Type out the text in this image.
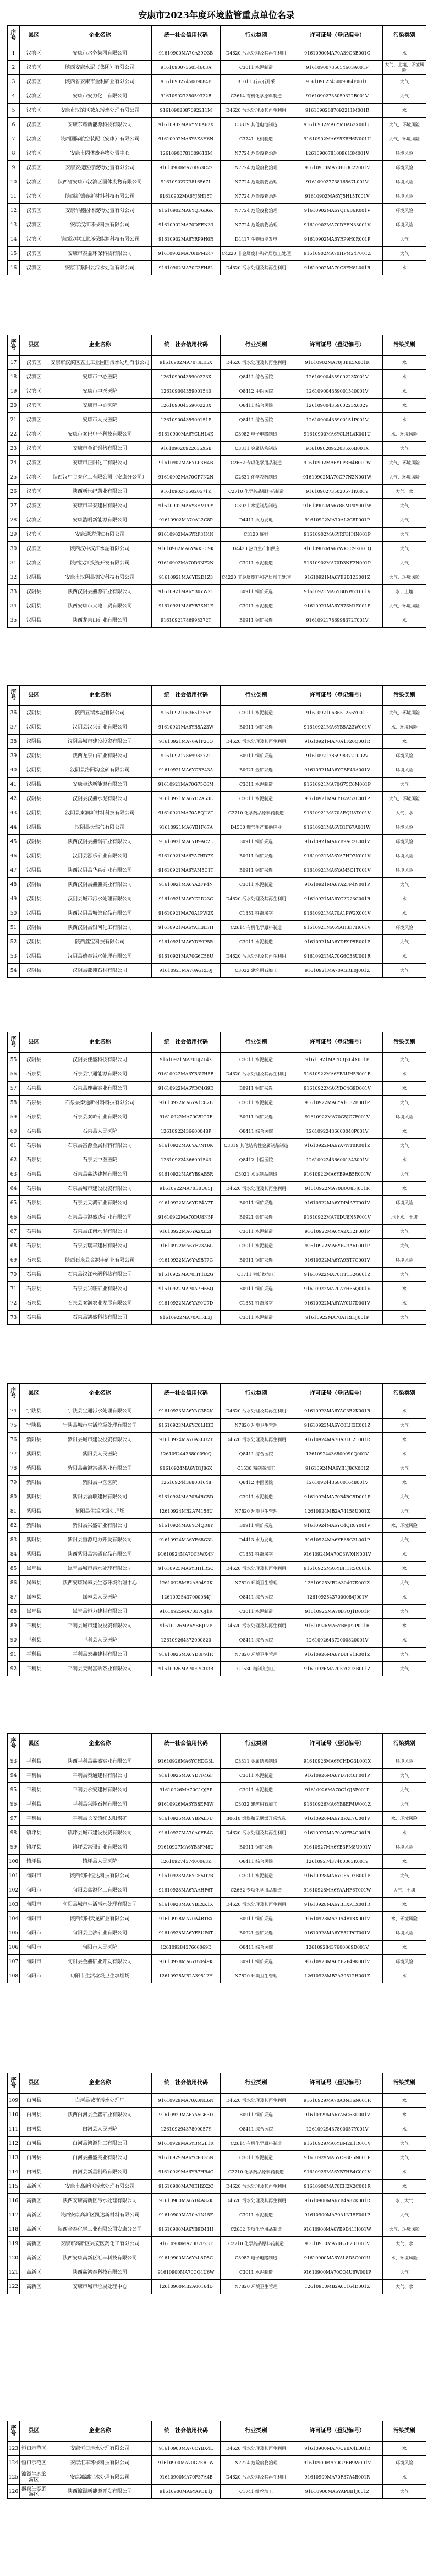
安康市2023年度环境监管重点单位名录
序号	县区	企业名称	统一社会信用代码	行业类别	许可证号（登记编号）	污染类别
1	汉滨区	安康市水务集团有限公司	91610900MA70A39Q3B	D4620 污水处理及其再生利用	91610900MA70A39Q3B001C	水
2	汉滨区	陕西安康水泥（集团）有限公司	91610900735054603A	C3011 水泥制造	91610900735054603A001P	大气、土壤、环境风险
3	汉滨区	陕西省安康市金利矿业有限公司	91610902745009084F	B1011 石灰石开采	91610902745009084F001U	大气
4	汉滨区	安康市安力化工有限公司	91610902735059322B	C2614 有机化学原料制造	91610902735059322B001V	大气
5	汉滨区	安康市汉滨区城东污水处理有限公司	91610902087092211M	D4620 污水处理及其再生利用	91610902087092211M001R	水
6	汉滨区	安康东耀新能源科技有限公司	91610902MA6YM0A62X	C3819 其他电池制造	91610902MA6YM0A62X001U	大气、环境风险
7	汉滨区	陕西国际航空装配（安康）有限公司	91610902MA6Y5K8H6N	C3741 飞机制造	91610902MA6Y5K8H6N001U	大气、环境风险
8	汉滨区	安康市固体废弃物处置中心	12610900781009613M	N7724 危险废物治理	12610900781009613M001V	环境风险
9	汉滨区	安康安捷医疗废物处置有限公司	91610900MA70B63C22	N7724 危险废物治理	91610900MA70B63C22001V	环境风险
10	汉滨区	陕西省安康市汉滨区固体废物有限公司	91610902773816567L	N7724 危险废物治理	91610902773816567L001V	环境风险
11	汉滨区	陕西新德泰新材料科技有限公司	91610902MA6YJ5H15T	N7724 危险废物治理	91610902MA6YJ5H15T001V	环境风险
12	汉滨区	安康华鑫固体废物处置有限公司	91610902MA6YQF6B6K	N7724 危险废物治理	91610902MA6YQF6B6K001V	环境风险
13	汉滨区	安康汉江环保科技有限公司	91610902MA70DFEN33	N7724 危险废物治理	91610902MA70DFEN33001V	环境风险
14	汉滨区	陕西汉中江北环保能源科技有限公司	91610902MA6YRP9H0R	D4417 生物质能发电	91610902MA6YRP9H0R001P	大气
15	汉滨区	安康市泰益环保科技有限公司	91610902MA70HPM247	C4220 非金属废料和碎屑加工处理	91610902MA70HPM247001Z	大气
16	汉滨区	安康市紫阳县污水处理有限公司	91610902MA70C3FH8L	D4620 污水处理及其再生利用	91610902MA70C3FH8L001R	水
序号	县区	企业名称	统一社会信用代码	行业类别	许可证号（登记编号）	污染类别
17	汉滨区	安康市汉滨区五里工业园区污水处理有限公司	91610902MA70J3EE5X	D4620 污水处理及其再生利用	91610902MA70J3EE5X001R	水
18	汉滨区	安康市中心医院	12610900435900223X	Q8411 综合医院	12610900435900223X001V	水
19	汉滨区	安康市中医医院	126109004359001540	Q8412 中医医院	126109004359001540001V	水
20	汉滨区	安康市中心医院	12610900435900223X	Q8411 综合医院	12610900435900223X002V	水
21	汉滨区	安康市人民医院	12610900435900151P	Q8411 综合医院	12610900435900151P001V	水
22	汉滨区	安康市秦巴电子科技有限公司	91610900MA6YCLHL4K	C3982 电子电路制造	91610900MA6YCLHL4K001U	水、环境风险
23	汉滨区	安康市金汇钢构有限公司	916109020922035X6B	C3311 金属结构制造	916109020922035X6B001X	大气
24	汉滨区	安康市正阳化工有限公司	91610902MA6YLP3H4B	C2662 专项化学用品制造	91610902MA6YLP3H4B001W	大气、环境风险
25	汉滨区	陕西汉中金泰化工有限公司（安康分公司）	91610902MA70CP7N2N	C2631 化学农药制造	91610902MA70CP7N2N001W	大气、环境风险
26	汉滨区	陕西新世纪药业有限公司	91610902735020571K	C2710 化学药品原料药制造	91610902735020571K001V	大气、水
27	汉滨区	安康市丰泰建材有限公司	91610902MA6Y8EMP0Y	C3021 水泥制品制造	91610902MA6Y8EMP0Y001W	大气
28	汉滨区	安康浩明新能源有限公司	91610902MA70AL2C8P	D4411 火力发电	91610902MA70AL2C8P001P	大气
29	汉滨区	安康通达钢铁有限公司	91610902MA6YRF3H4N	C3120 炼钢	91610902MA6YRF3H4N001P	大气
30	汉滨区	陕西汉中汉江水泥有限公司	91610902MA6YWK3C9K	D4430 热力生产和供应	91610902MA6YWK3C9K001Q	大气
31	汉滨区	陕西汉江投资开发有限公司	91610902MA70D3NF2N	C3011 水泥制造	91610902MA70D3NF2N001P	大气
32	汉阴县	安康市汉阴县德安科技有限公司	91610921MA6YE2D1Z3	C4220 非金属废料和碎屑加工处理	91610921MA6YE2D1Z3001Z	大气、环境风险
33	汉阴县	陕西汉阴县鑫源矿业有限公司	91610921MA6YB0YW2T	B0911 铜矿采选	91610921MA6YB0YW2T001V	水、土壤
34	汉阴县	陕西安康市大地工贸有限公司	91610921MA6YB7SN1E	C3011 水泥制造	91610921MA6YB7SN1E001P	大气、环境风险
35	汉阴县	陕西龙泉山矿业有限公司	91610921786998372T	B0911 铜矿采选	91610921786998372T001V	水
序号	县区	企业名称	统一社会信用代码	行业类别	许可证号（登记编号）	污染类别
36	汉阴县	陕西五瑞水泥有限公司	91610921063651256Y	C3011 水泥制造	91610921063651256Y001P	大气、环境风险
37	汉阴县	汉阴县汉兴矿业有限公司	91610921MA6YB5A23W	B0911 铜矿采选	91610921MA6YB5A23W001V	水、环境风险
38	汉阴县	汉阴县城市建设投资有限公司	91610921MA70A1F20Q	D4620 污水处理及其再生利用	91610921MA70A1F20Q001R	水
39	汉阴县	陕西龙泉山矿业有限公司	91610921786998372T	B0911 铜矿采选	91610921786998372T002V	环境风险
40	汉阴县	汉阴县洛阳沟金矿有限公司	91610921MA6YCBF43A	B0921 金矿采选	91610921MA6YCBF43A001V	环境风险
41	汉阴县	安康金达新能源有限公司	91610921MA70G75C6M	C3011 水泥制造	91610921MA70G75C6M001P	大气
42	汉阴县	汉阴县汉鑫水泥有限公司	91610921MA6YD2A53L	C3011 水泥制造	91610921MA6YD2A53L001P	大气、环境风险
43	汉阴县	汉阴县秦润新材料科技有限公司	91610921MA70AEQU8T	C2710 化学药品原料药制造	91610921MA70AEQU8T001V	大气、水
44	汉阴县	汉阴县天然气有限公司	91610921MA6YB1F67A	D4500 燃气生产和供应业	91610921MA6YB1F67A001W	环境风险
45	汉阴县	陕西汉阴县鑫钢矿业有限公司	91610921MA6YB9AC2L	B0911 铜矿采选	91610921MA6YB9AC2L001V	环境风险
46	汉阴县	汉阴县泓乐矿业有限公司	91610921MA6YA7HD7K	B0911 铜矿采选	91610921MA6YA7HD7K001V	环境风险
47	汉阴县	陕西汉阴县华森矿业有限公司	91610921MA6YAM5C1T	B0911 铜矿采选	91610921MA6YAM5C1T001V	环境风险
48	汉阴县	陕西汉阴县鑫鑫实业有限公司	91610921MA6YA2FP4N	C3011 水泥制造	91610921MA6YA2FP4N001P	大气
49	汉阴县	汉阴县城市污水处理有限公司	91610921MA6YC2D23C	D4620 污水处理及其再生利用	91610921MA6YC2D23C001R	水
50	汉阴县	陕西汉阴县城关食品有限公司	91610921MA70A1PW2X	C1351 牲畜屠宰	91610921MA70A1PW2X001V	水
51	汉阴县	陕西汉阴县银河化工有限公司	91610921MA6YAH3E7H	C2614 有机化学原料制造	91610921MA6YAH3E7H001V	环境风险
52	汉阴县	陕西鑫宝科技有限公司	91610921MA6YDE9P5R	C3011 水泥制造	91610921MA6YDE9P5R001P	大气
53	汉阴县	汉阴县德泰污水处理有限公司	91610921MA70G6C58U	D4620 污水处理及其再生利用	91610921MA70G6C58U001R	水
54	汉阴县	汉阴县燕翔石材有限公司	91610921MA70AGRE0J	C3032 建筑用石加工	91610921MA70AGRE0J001Z	大气
序号	县区	企业名称	统一社会信用代码	行业类别	许可证号（登记编号）	污染类别
55	汉阴县	汉阴县佳盛科技有限公司	91610921MA70BJ2L4X	C3011 水泥制造	91610921MA70BJ2L4X001P	大气
56	石泉县	石泉县宇通能源有限公司	91610922MA6YB3UH5B	D4620 污水处理及其再生利用	91610922MA6YB3UH5B001R	水
57	石泉县	石泉县鹿鑫实业有限公司	91610922MA6YDC4G9D	B0911 铜矿采选	91610922MA6YDC4G9D001V	水
58	石泉县	石泉县秦通新材料科技有限公司	91610922MA6YA1C82B	C3011 水泥制造	91610922MA6YA1C82B001P	大气
59	石泉县	石泉县秦岭矿业有限公司	91610922MA70G5JG7F	B0911 铜矿采选	91610922MA70G5JG7F001V	环境风险
60	石泉县	石泉县人民医院	12610922436600048P	Q8411 综合医院	12610922436600048P001V	水
61	石泉县	石泉县富源金属材料有限公司	91610922MA6YA7NT0K	C3319 其他结构性金属制品制造	91610922MA6YA7NT0K001Z	大气
62	石泉县	石泉县中医医院	126109224366001543	Q8412 中医医院	126109224366001543001V	水
63	石泉县	石泉县鑫达建材有限公司	91610922MA6YB9AB5R	C3021 水泥制品制造	91610922MA6YB9AB5R001W	大气
64	石泉县	石泉县城市建设投资有限公司	91610922MA70B0U85J	D4620 污水处理及其再生利用	91610922MA70B0U85J001R	水
65	石泉县	石泉县天鸿矿业有限公司	91610922MA6YDP4A7T	B0911 铜矿采选	91610922MA6YDP4A7T001V	环境风险
66	石泉县	石泉县金源盛达矿业有限公司	91610922MA70DU8N5P	B0921 金矿采选	91610922MA70DU8N5P001V	地下水、土壤
67	石泉县	石泉县江南水泥有限公司	91610922MA6YA2XE2F	C3011 水泥制造	91610922MA6YA2XE2F001P	大气
68	石泉县	石泉县瑞丰建材有限公司	91610922MA6YE23A6L	C3011 水泥制造	91610922MA6YE23A6L001P	大气
69	石泉县	陕西石泉县金源丰矿业有限公司	91610922MA6YA9BT7G	B0911 铜矿采选	91610922MA6YA9BT7G001V	环境风险
70	石泉县	石泉县汉江丝绸科技有限公司	91610922MA70HT1B2G	C1711 棉纺纱加工	91610922MA70HT1B2G001Z	大气
71	石泉县	石泉县兴旺矿业有限公司	91610922MA70A7H65Q	B0911 铜矿采选	91610922MA70A7H65Q001V	水
72	石泉县	石泉县秦润农业发展有限公司	91610922MA6YAY0U7D	C1351 牲畜屠宰	91610922MA6YAY0U7D001V	水
73	石泉县	石泉县凯盛科技有限公司	91610922MA70ATRL3J	C3011 水泥制造	91610922MA70ATRL3J001P	大气
序号	县区	企业名称	统一社会信用代码	行业类别	许可证号（登记编号）	污染类别
74	宁陕县	宁陕县宝通污水处理有限公司	91610923MA6YAC3R2K	D4620 污水处理及其再生利用	91610923MA6YAC3R2K001R	水
75	宁陕县	宁陕县城市生活垃圾处理有限公司	91610923MA6YC0LH3E	N7820 环境卫生管理	91610923MA6YC0LH3E001Z	大气
76	紫阳县	紫阳县城市建设投资有限公司	91610924MA70A3LU2T	D4620 污水处理及其再生利用	91610924MA70A3LU2T001R	水
77	紫阳县	紫阳县人民医院	12610924436800090Q	Q8411 综合医院	12610924436800090Q001V	水
78	紫阳县	紫阳县鑫源富硒茶业有限公司	91610924MA6YB1J86X	C1530 精制茶加工	91610924MA6YB1J86X001Z	大气
79	紫阳县	紫阳县中医医院	126109244368001648	Q8412 中医医院	126109244368001648001V	水
80	紫阳县	紫阳县渝联建材有限公司	91610924MA70B4RC5D	C3011 水泥制造	91610924MA70B4RC5D001P	大气
81	紫阳县	紫阳县生活垃圾处理场	12610924MB2A74158U	N7820 环境卫生管理	12610924MB2A74158U001Z	大气
82	紫阳县	紫阳县兴盛矿业有限公司	91610924MA6YC4QR8Y	B0911 铜矿采选	91610924MA6YC4QR8Y001V	水、环境风险
83	紫阳县	紫阳县恒源电力开发有限公司	91610924MA6YE68G3L	D4413 水力发电	91610924MA6YE68G3L001P	大气
84	紫阳县	陕西紫阳县富硒食品有限公司	91610924MA70C3WX4N	C1351 牲畜屠宰	91610924MA70C3WX4N001V	水
85	岚皋县	岚皋县城市污水处理有限公司	91610925MA6YBH1R5C	D4620 污水处理及其再生利用	91610925MA6YBH1R5C001R	水
86	岚皋县	陕西安康岚皋县生态环境治理中心	12610925MB2A30497K	N7820 环境卫生管理	12610925MB2A30497K001Z	大气
87	岚皋县	岚皋县人民医院	12610925437000084J	Q8411 综合医院	12610925437000084J001V	水
88	岚皋县	岚皋县恒力建材有限公司	91610925MA70B7QJ1R	C3011 水泥制造	91610925MA70B7QJ1R001P	大气
89	平利县	平利县城市建设投资有限公司	91610926MA6YBEJP2P	D4620 污水处理及其再生利用	91610926MA6YBEJP2P001R	水
90	平利县	平利县人民医院	126109264372000820	Q8411 综合医院	126109264372000820001V	水
91	平利县	平利县宏鑫建材有限公司	91610926MA6YD8F91R	N7820 环境卫生管理	91610926MA6YD8F91R001Z	大气
92	平利县	平利县天赐富硒茶业有限公司	91610926MA70E7CU3B	C1530 精制茶加工	91610926MA70E7CU3B001Z	大气
序号	县区	企业名称	统一社会信用代码	行业类别	许可证号（登记编号）	污染类别
93	平利县	陕西平利县鑫盛实业有限公司	91610926MA6YCHDG3L	C3311 金属结构制造	91610926MA6YCHDG3L001X	环境风险
94	平利县	平利县秦通建材有限公司	91610926MA6YD7R46F	C3011 水泥制造	91610926MA6YD7R46F001P	大气
95	平利县	平利县永安建材有限公司	91610926MA70C1QJ5P	C3011 水泥制造	91610926MA70C1QJ5P001P	大气
96	平利县	平利县兴隆石材有限公司	91610926MA6YB8EF4W	C3032 建筑用石加工	91610926MA6YB8EF4W001Z	大气
97	平利县	平利县长安镇红太阳煤矿	91610926MA6YBPAL7U	B0610 烟煤和无烟煤开采洗选	91610926MA6YBPAL7U001V	水、环境风险
98	镇坪县	镇坪县城市建设投资有限公司	91610927MA70A0FB4G	D4620 污水处理及其再生利用	91610927MA70A0FB4G001R	水
99	镇坪县	镇坪县富强矿业有限公司	91610927MA6YB3FM8U	B0911 铜矿采选	91610927MA6YB3FM8U001V	环境风险
100	镇坪县	镇坪县人民医院	12610927437400063K	Q8411 综合医院	12610927437400063K001V	水
101	旬阳市	陕西旬阳恒达科技有限公司	91610928MA6YCF5D7B	C3011 水泥制造	91610928MA6YCF5D7B001P	大气
102	旬阳市	旬阳县鑫源化工有限公司	91610928MA6YAAHF6T	C2662 专项化学用品制造	91610928MA6YAAHF6T001W	大气、土壤
103	旬阳市	旬阳县城市生活污水处理有限公司	91610928MA6YBLXK1X	D4620 污水处理及其再生利用	91610928MA6YBLXK1X001R	水
104	旬阳市	陕西旬阳天龙矿业有限公司	91610928MA70A4BT8X	B0911 铜矿采选	91610928MA70A4BT8X001V	水、环境风险
105	旬阳市	旬阳县金沙矿业有限公司	91610928MA6YE5UP0T	B0921 金矿采选	91610928MA6YE5UP0T001V	环境风险
106	旬阳市	旬阳市人民医院	12610928437600069D	Q8411 综合医院	12610928437600069D001V	水
107	旬阳市	旬阳县金鑫矿业开发有限公司	91610928MA6YB2P49K	B0911 铜矿采选	91610928MA6YB2P49K001V	环境风险
108	旬阳市	旬阳市生活垃圾卫生填埋场	12610928MB2A39512H	N7820 环境卫生管理	12610928MB2A39512H001Z	水
序号	县区	企业名称	统一社会信用代码	行业类别	许可证号（登记编号）	污染类别
109	白河县	白河县城市污水处理厂	91610929MA70A0NE6N	D4620 污水处理及其再生利用	91610929MA70A0NE6N001R	水
110	白河县	陕西白河县金鑫矿业有限公司	91610929MA6YA5G63D	B0911 铜矿采选	91610929MA6YA5G63D001V	水
111	白河县	白河县人民医院	12610929437800057Y	Q8411 综合医院	12610929437800057Y001V	水
112	白河县	白河县鸿源化工有限公司	91610929MA6YBM2L1R	C2614 有机化学原料制造	91610929MA6YBM2L1R001V	大气
113	白河县	白河县鑫盛实业有限公司	91610929MA6YCP8G5N	C3011 水泥制造	91610929MA6YCP8G5N001P	大气
114	白河县	白河县新星制药有限公司	91610929MA6YB7HB4C	C2710 化学药品原料药制造	91610929MA6YB7HB4C001V	水
115	高新区	安康市高新区污水处理有限公司	91610900MA70EH2X2C	D4620 污水处理及其再生利用	91610900MA70EH2X2C001R	水
116	高新区	陕西安康高新区污水处理有限公司	91610900MA6YB4A82K	D4620 污水处理及其再生利用	91610900MA6YB4A82K001R	水、大气
117	高新区	陕西安康高新区凯达新材料有限公司	91610900MA70A1N15F	C3011 水泥制造	91610900MA70A1N15F001P	大气
118	高新区	陕西金泰化学工业有限公司安康分公司	91610900MA6YB9D41H	C2662 专项化学用品制造	91610900MA6YB9D41H001W	大气、环境风险
119	高新区	安康市高新区兴安医药化工有限公司	91610900MA70B7F23T	C2710 化学药品原料药制造	91610900MA70B7F23T001V	大气、水
120	高新区	陕西安康高新区汇丰科技有限公司	91610900MA6YAL8D5C	C3982 电子电路制造	91610900MA6YAL8D5C001U	水、环境风险
121	高新区	陕西鑫鸿泰科技有限公司	91610900MA70CQ4U6W	C3011 水泥制造	91610900MA70CQ4U6W001P	大气
122	高新区	安康市城市垃圾处理中心	12610900MB2A00164D	N7820 环境卫生管理	12610900MB2A00164D001Z	大气、水
序号	县区	企业名称	统一社会信用代码	行业类别	许可证号（登记编号）	污染类别
123	恒口示范区	安康恒口污水处理有限公司	91610900MA70CYBX4L	D4620 污水处理及其再生利用	91610900MA70CYBX4L001R	水
124	恒口示范区	安康汇丰环保科技有限公司	91610900MA70G7ER9W	N7724 危险废物治理	91610900MA70G7ER9W001V	环境风险
125	瀛湖生态旅游区	安康瀛湖污水处理有限公司	91610900MA70F37A4B	D4620 污水处理及其再生利用	91610900MA70F37A4B001R	水
126	瀛湖生态旅游区	陕西瀛湖新能源开发有限公司	91610900MA6YAPBB1J	C1741 缫丝加工	91610900MA6YAPBB1J001Z	大气
